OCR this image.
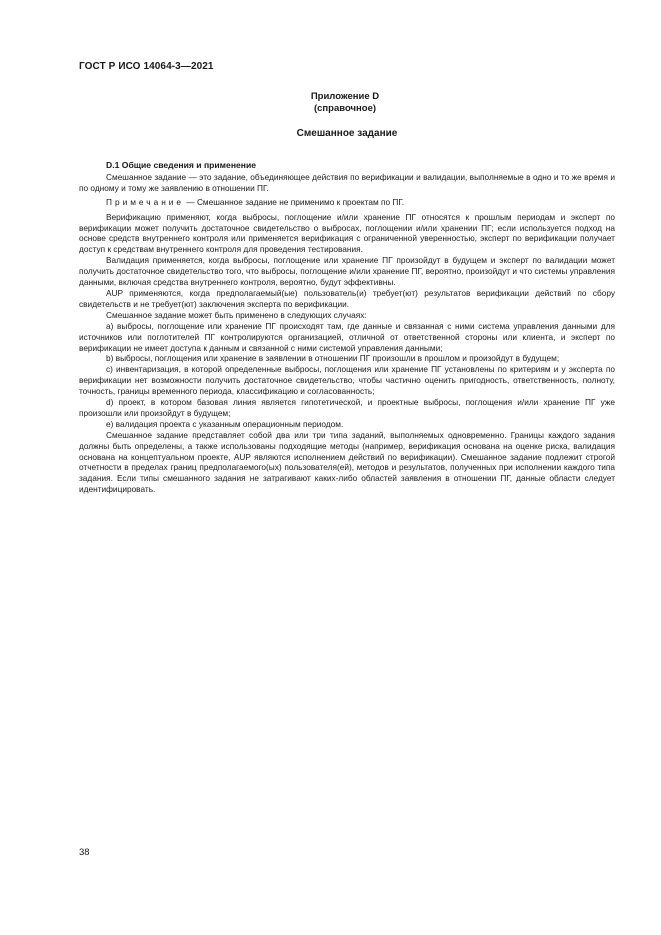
ГОСТ Р ИСО 14064-3—2021
Приложение D
(справочное)
Смешанное задание
D.1 Общие сведения и применение

Смешанное задание — это задание, объединяющее действия по верификации и валидации, выполняемые в одно и то же время и по одному и тому же заявлению в отношении ПГ.

Примечание — Смешанное задание не применимо к проектам по ПГ.

Верификацию применяют, когда выбросы, поглощение и/или хранение ПГ относятся к прошлым периодам и эксперт по верификации может получить достаточное свидетельство о выбросах, поглощении и/или хранении ПГ; если используется подход на основе средств внутреннего контроля или применяется верификация с ограниченной уверенностью, эксперт по верификации получает доступ к средствам внутреннего контроля для проведения тестирования.

Валидация применяется, когда выбросы, поглощение или хранение ПГ произойдут в будущем и эксперт по валидации может получить достаточное свидетельство того, что выбросы, поглощение и/или хранение ПГ, вероятно, произойдут и что системы управления данными, включая средства внутреннего контроля, вероятно, будут эффективны.

AUP применяются, когда предполагаемый(ые) пользователь(и) требует(ют) результатов верификации действий по сбору свидетельств и не требует(ют) заключения эксперта по верификации.

Смешанное задание может быть применено в следующих случаях:

a) выбросы, поглощение или хранение ПГ происходят там, где данные и связанная с ними система управления данными для источников или поглотителей ПГ контролируются организацией, отличной от ответственной стороны или клиента, и эксперт по верификации не имеет доступа к данным и связанной с ними системой управления данными;

b) выбросы, поглощения или хранение в заявлении в отношении ПГ произошли в прошлом и произойдут в будущем;

c) инвентаризация, в которой определенные выбросы, поглощения или хранение ПГ установлены по критериям и у эксперта по верификации нет возможности получить достаточное свидетельство, чтобы частично оценить пригодность, ответственность, полноту, точность, границы временного периода, классификацию и согласованность;

d) проект, в котором базовая линия является гипотетической, и проектные выбросы, поглощения и/или хранение ПГ уже произошли или произойдут в будущем;

e) валидация проекта с указанным операционным периодом.

Смешанное задание представляет собой два или три типа заданий, выполняемых одновременно. Границы каждого задания должны быть определены, а также использованы подходящие методы (например, верификация основана на оценке риска, валидация основана на концептуальном проекте, AUP являются исполнением действий по верификации). Смешанное задание подлежит строгой отчетности в пределах границ предполагаемого(ых) пользователя(ей), методов и результатов, полученных при исполнении каждого типа задания. Если типы смешанного задания не затрагивают каких-либо областей заявления в отношении ПГ, данные области следует идентифицировать.

38
